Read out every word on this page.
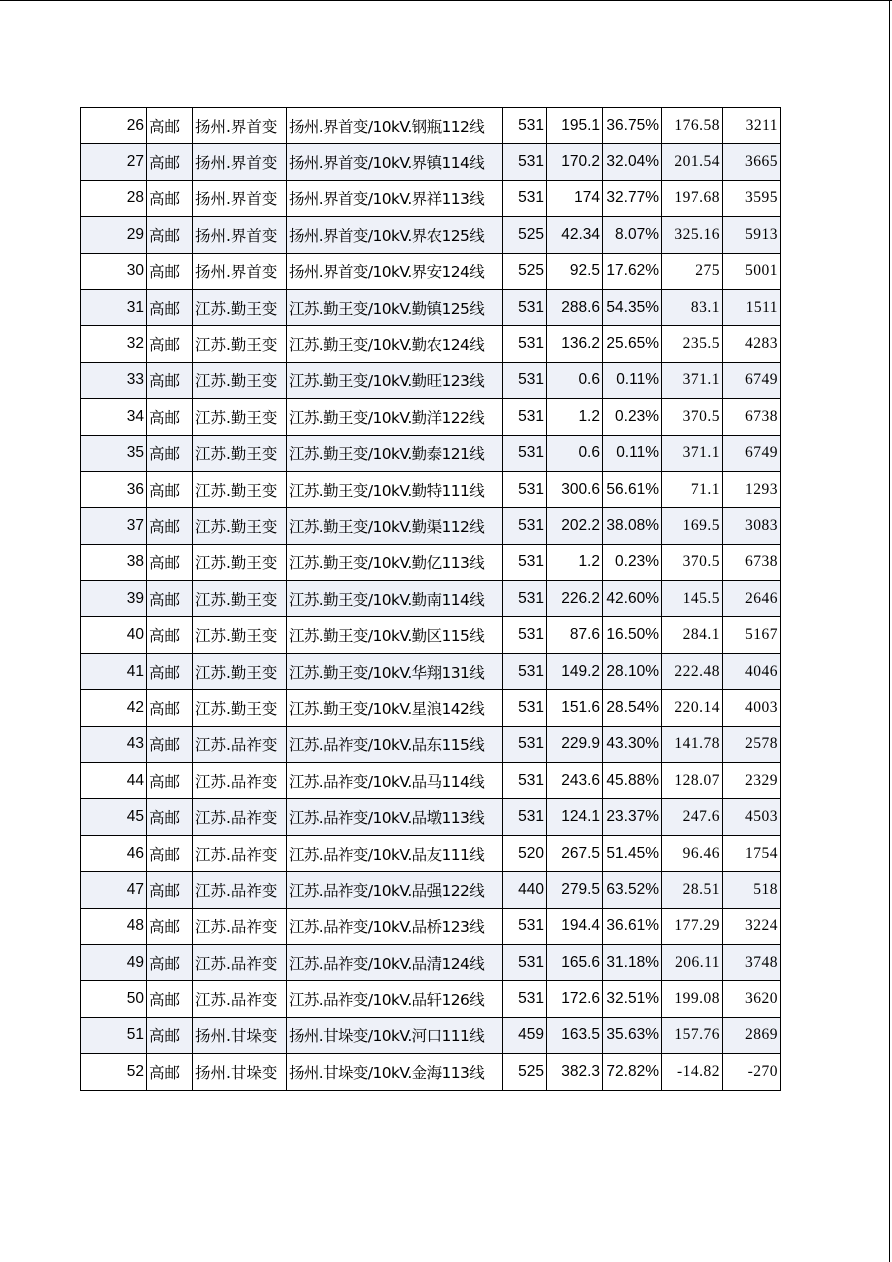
26	高邮	扬州.界首变	扬州.界首变/10kV.钢瓶112线	531	195.1	36.75%	176.58	3211
27	高邮	扬州.界首变	扬州.界首变/10kV.界镇114线	531	170.2	32.04%	201.54	3665
28	高邮	扬州.界首变	扬州.界首变/10kV.界祥113线	531	174	32.77%	197.68	3595
29	高邮	扬州.界首变	扬州.界首变/10kV.界农125线	525	42.34	8.07%	325.16	5913
30	高邮	扬州.界首变	扬州.界首变/10kV.界安124线	525	92.5	17.62%	275	5001
31	高邮	江苏.勤王变	江苏.勤王变/10kV.勤镇125线	531	288.6	54.35%	83.1	1511
32	高邮	江苏.勤王变	江苏.勤王变/10kV.勤农124线	531	136.2	25.65%	235.5	4283
33	高邮	江苏.勤王变	江苏.勤王变/10kV.勤旺123线	531	0.6	0.11%	371.1	6749
34	高邮	江苏.勤王变	江苏.勤王变/10kV.勤洋122线	531	1.2	0.23%	370.5	6738
35	高邮	江苏.勤王变	江苏.勤王变/10kV.勤泰121线	531	0.6	0.11%	371.1	6749
36	高邮	江苏.勤王变	江苏.勤王变/10kV.勤特111线	531	300.6	56.61%	71.1	1293
37	高邮	江苏.勤王变	江苏.勤王变/10kV.勤渠112线	531	202.2	38.08%	169.5	3083
38	高邮	江苏.勤王变	江苏.勤王变/10kV.勤亿113线	531	1.2	0.23%	370.5	6738
39	高邮	江苏.勤王变	江苏.勤王变/10kV.勤南114线	531	226.2	42.60%	145.5	2646
40	高邮	江苏.勤王变	江苏.勤王变/10kV.勤区115线	531	87.6	16.50%	284.1	5167
41	高邮	江苏.勤王变	江苏.勤王变/10kV.华翔131线	531	149.2	28.10%	222.48	4046
42	高邮	江苏.勤王变	江苏.勤王变/10kV.星浪142线	531	151.6	28.54%	220.14	4003
43	高邮	江苏.品祚变	江苏.品祚变/10kV.品东115线	531	229.9	43.30%	141.78	2578
44	高邮	江苏.品祚变	江苏.品祚变/10kV.品马114线	531	243.6	45.88%	128.07	2329
45	高邮	江苏.品祚变	江苏.品祚变/10kV.品墩113线	531	124.1	23.37%	247.6	4503
46	高邮	江苏.品祚变	江苏.品祚变/10kV.品友111线	520	267.5	51.45%	96.46	1754
47	高邮	江苏.品祚变	江苏.品祚变/10kV.品强122线	440	279.5	63.52%	28.51	518
48	高邮	江苏.品祚变	江苏.品祚变/10kV.品桥123线	531	194.4	36.61%	177.29	3224
49	高邮	江苏.品祚变	江苏.品祚变/10kV.品清124线	531	165.6	31.18%	206.11	3748
50	高邮	江苏.品祚变	江苏.品祚变/10kV.品轩126线	531	172.6	32.51%	199.08	3620
51	高邮	扬州.甘垛变	扬州.甘垛变/10kV.河口111线	459	163.5	35.63%	157.76	2869
52	高邮	扬州.甘垛变	扬州.甘垛变/10kV.金海113线	525	382.3	72.82%	-14.82	-270
